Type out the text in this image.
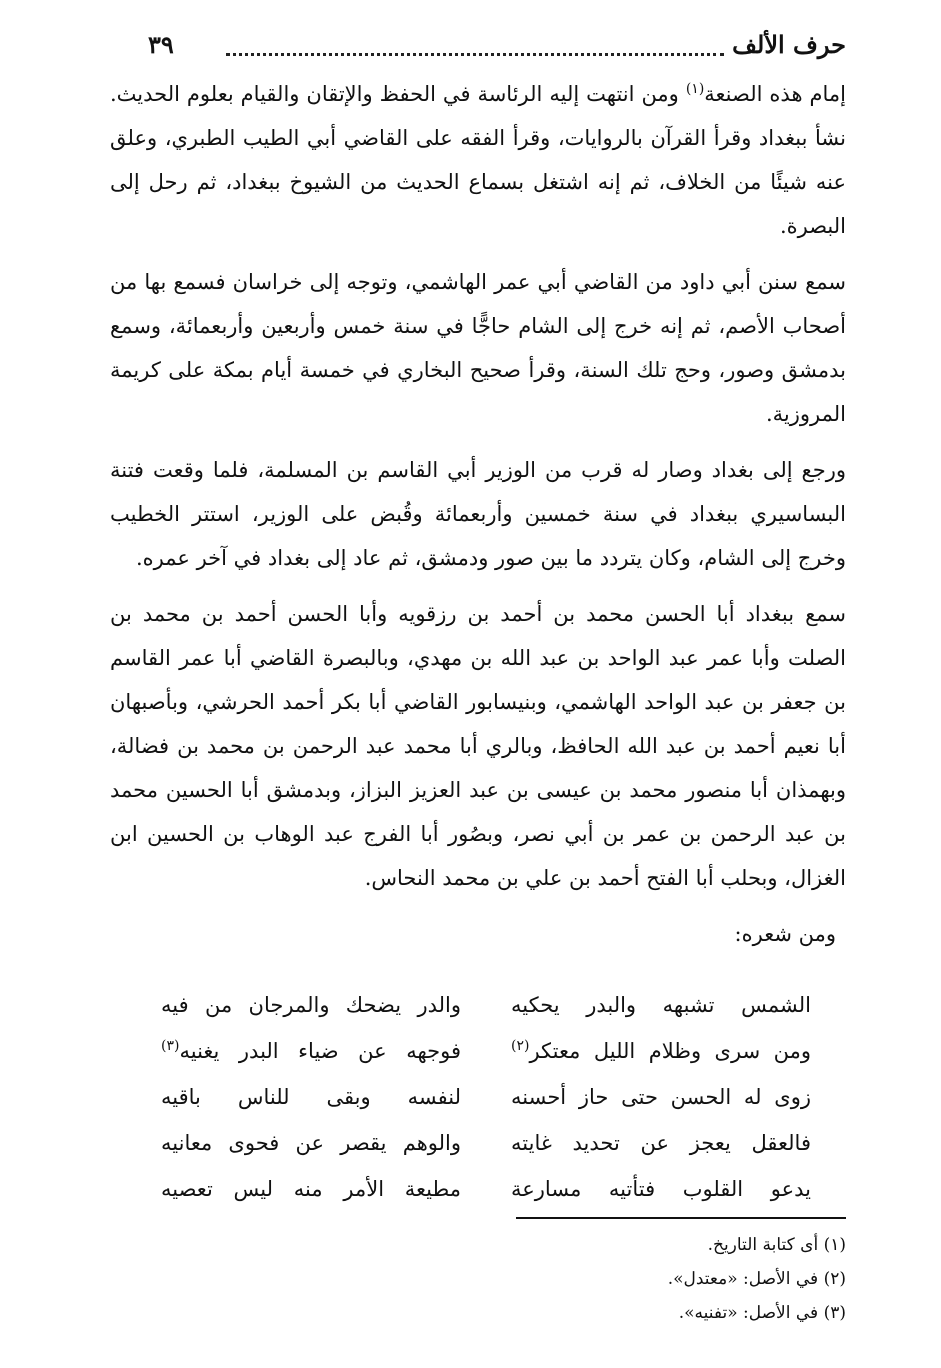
حرف الألف
٣٩

إمام هذه الصنعة$^{(١)}$ ومن انتهت إليه الرئاسة في الحفظ والإتقان والقيام بعلوم الحديث. نشأ ببغداد وقرأ القرآن بالروايات، وقرأ الفقه على القاضي أبي الطيب الطبري، وعلق عنه شيئًا من الخلاف، ثم إنه اشتغل بسماع الحديث من الشيوخ ببغداد، ثم رحل إلى البصرة.

سمع سنن أبي داود من القاضي أبي عمر الهاشمي، وتوجه إلى خراسان فسمع بها من أصحاب الأصم، ثم إنه خرج إلى الشام حاجًّا في سنة خمس وأربعين وأربعمائة، وسمع بدمشق وصور، وحج تلك السنة، وقرأ صحيح البخاري في خمسة أيام بمكة على كريمة المروزية.

ورجع إلى بغداد وصار له قرب من الوزير أبي القاسم بن المسلمة، فلما وقعت فتنة البساسيري ببغداد في سنة خمسين وأربعمائة وقُبض على الوزير، استتر الخطيب وخرج إلى الشام، وكان يتردد ما بين صور ودمشق، ثم عاد إلى بغداد في آخر عمره.

سمع ببغداد أبا الحسن محمد بن أحمد بن رزقويه وأبا الحسن أحمد بن محمد بن الصلت وأبا عمر عبد الواحد بن عبد الله بن مهدي، وبالبصرة القاضي أبا عمر القاسم بن جعفر بن عبد الواحد الهاشمي، وبنيسابور القاضي أبا بكر أحمد الحرشي، وبأصبهان أبا نعيم أحمد بن عبد الله الحافظ، وبالري أبا محمد عبد الرحمن بن محمد بن فضالة، وبهمذان أبا منصور محمد بن عيسى بن عبد العزيز البزاز، وبدمشق أبا الحسين محمد بن عبد الرحمن بن عمر بن أبي نصر، وبصُور أبا الفرج عبد الوهاب بن الحسين ابن الغزال، وبحلب أبا الفتح أحمد بن علي بن محمد النحاس.

ومن شعره:
الشمس تشبهه والبدر يحكيه
والدر يضحك والمرجان من فيه
ومن سرى وظلام الليل معتكر$^{(٢)}$
فوجهه عن ضياء البدر يغنيه$^{(٣)}$
زوى له الحسن حتى حاز أحسنه
لنفسه وبقى للناس باقيه
فالعقل يعجز عن تحديد غايته
والوهم يقصر عن فحوى معانيه
يدعو القلوب فتأتيه مسارعة
مطيعة الأمر منه ليس تعصيه
(١) أى كتابة التاريخ.
(٢) في الأصل: «معتدل».
(٣) في الأصل: «تفنيه».
